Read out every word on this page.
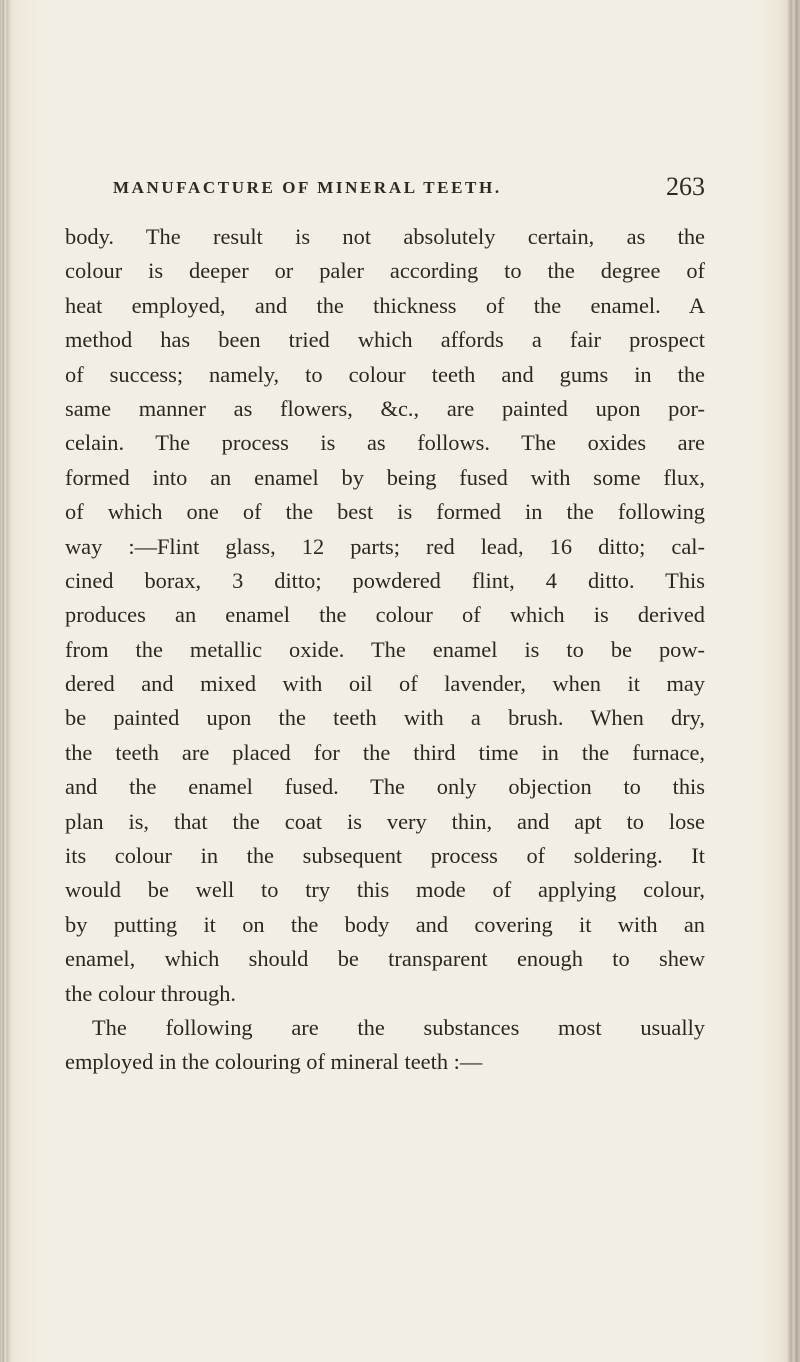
MANUFACTURE OF MINERAL TEETH.	263
body. The result is not absolutely certain, as the
colour is deeper or paler according to the degree of
heat employed, and the thickness of the enamel. A
method has been tried which affords a fair prospect
of success; namely, to colour teeth and gums in the
same manner as flowers, &c., are painted upon por-
celain. The process is as follows. The oxides are
formed into an enamel by being fused with some flux,
of which one of the best is formed in the following
way :—Flint glass, 12 parts; red lead, 16 ditto; cal-
cined borax, 3 ditto; powdered flint, 4 ditto. This
produces an enamel the colour of which is derived
from the metallic oxide. The enamel is to be pow-
dered and mixed with oil of lavender, when it may
be painted upon the teeth with a brush. When dry,
the teeth are placed for the third time in the furnace,
and the enamel fused. The only objection to this
plan is, that the coat is very thin, and apt to lose
its colour in the subsequent process of soldering. It
would be well to try this mode of applying colour,
by putting it on the body and covering it with an
enamel, which should be transparent enough to shew
the colour through.
The following are the substances most usually
employed in the colouring of mineral teeth :—
